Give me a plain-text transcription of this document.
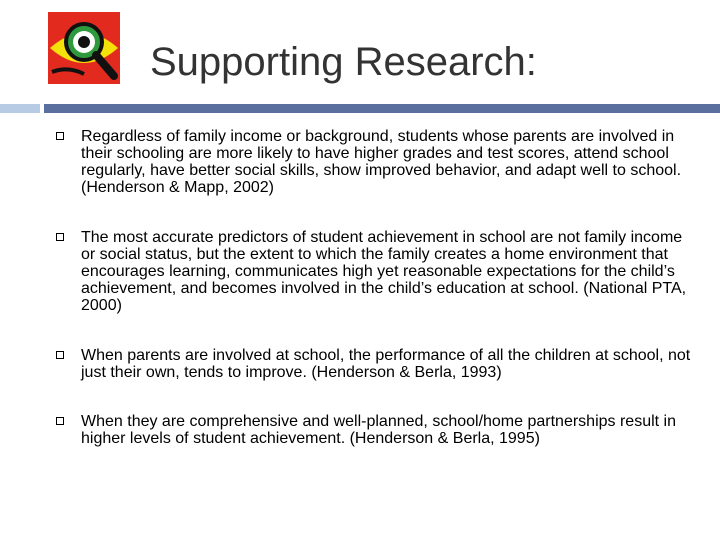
Supporting Research:
Regardless of family income or background, students whose parents are involved in their schooling are more likely to have higher grades and test scores, attend school regularly, have better social skills, show improved behavior, and adapt well to school. (Henderson & Mapp, 2002)
The most accurate predictors of student achievement in school are not family income or social status, but the extent to which the family creates a home environment that encourages learning, communicates high yet reasonable expectations for the child’s achievement, and becomes involved in the child’s education at school. (National PTA, 2000)
When parents are involved at school, the performance of all the children at school, not just their own, tends to improve. (Henderson & Berla, 1993)
When they are comprehensive and well-planned, school/home partnerships result in higher levels of student achievement. (Henderson & Berla, 1995)
